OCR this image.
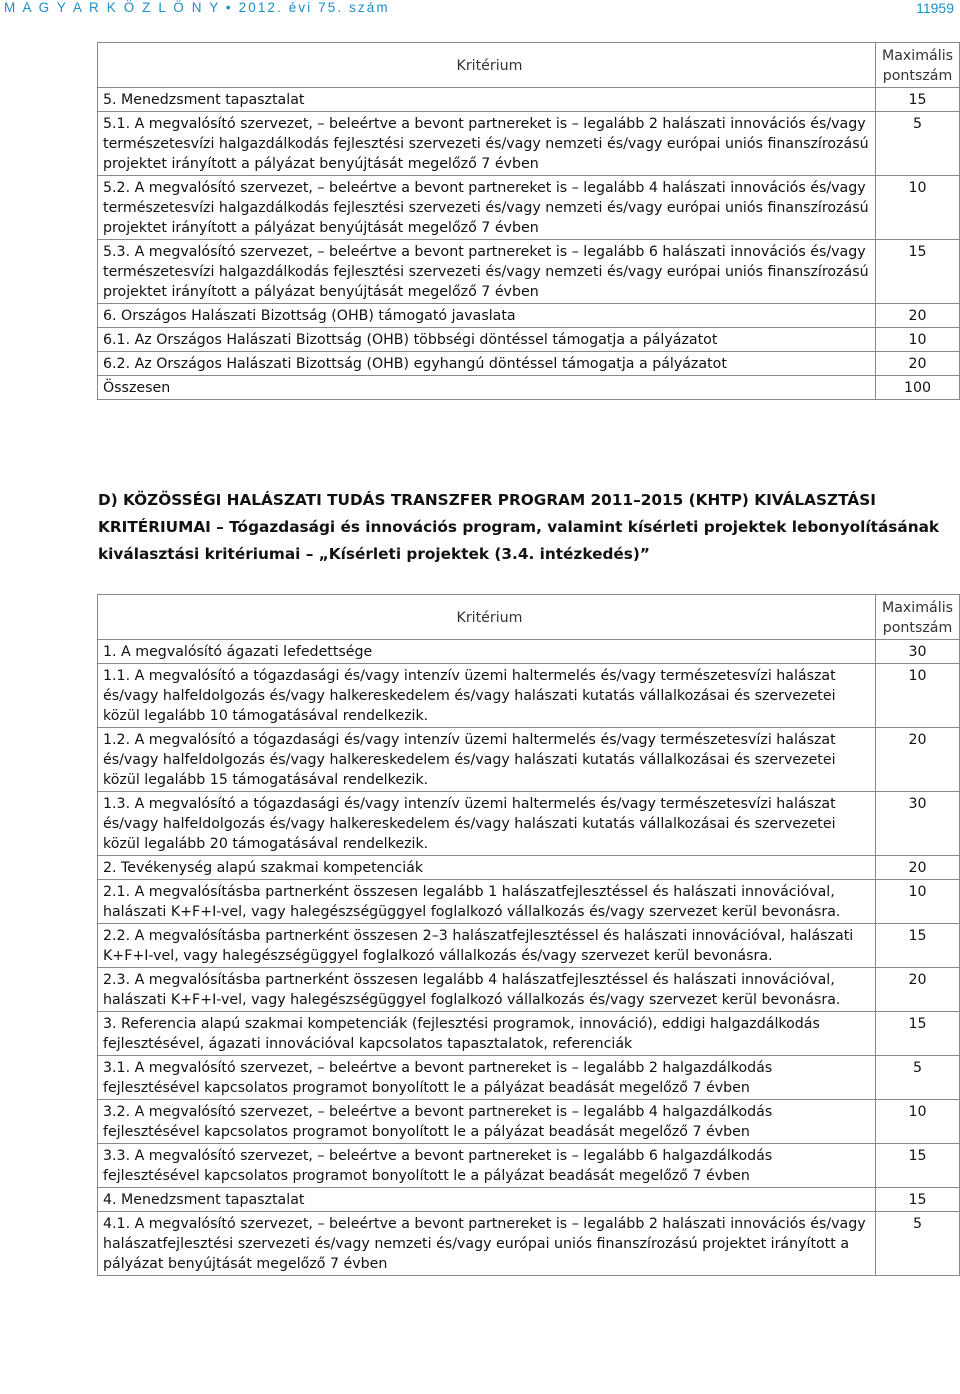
M A G Y A R K Ö Z L Ö N Y • 2012. évi 75. szám	11959
Kritérium	Maximális pontszám
5. Menedzsment tapasztalat	15
5.1. A megvalósító szervezet, – beleértve a bevont partnereket is – legalább 2 halászati innovációs és/vagy természetesvízi halgazdálkodás fejlesztési szervezeti és/vagy nemzeti és/vagy európai uniós finanszírozású projektet irányított a pályázat benyújtását megelőző 7 évben	5
5.2. A megvalósító szervezet, – beleértve a bevont partnereket is – legalább 4 halászati innovációs és/vagy természetesvízi halgazdálkodás fejlesztési szervezeti és/vagy nemzeti és/vagy európai uniós finanszírozású projektet irányított a pályázat benyújtását megelőző 7 évben	10
5.3. A megvalósító szervezet, – beleértve a bevont partnereket is – legalább 6 halászati innovációs és/vagy természetesvízi halgazdálkodás fejlesztési szervezeti és/vagy nemzeti és/vagy európai uniós finanszírozású projektet irányított a pályázat benyújtását megelőző 7 évben	15
6. Országos Halászati Bizottság (OHB) támogató javaslata	20
6.1. Az Országos Halászati Bizottság (OHB) többségi döntéssel támogatja a pályázatot	10
6.2. Az Országos Halászati Bizottság (OHB) egyhangú döntéssel támogatja a pályázatot	20
Összesen	100
D) KÖZÖSSÉGI HALÁSZATI TUDÁS TRANSZFER PROGRAM 2011–2015 (KHTP) KIVÁLASZTÁSI KRITÉRIUMAI – Tógazdasági és innovációs program, valamint kísérleti projektek lebonyolításának kiválasztási kritériumai – „Kísérleti projektek (3.4. intézkedés)”
Kritérium	Maximális pontszám
1. A megvalósító ágazati lefedettsége	30
1.1. A megvalósító a tógazdasági és/vagy intenzív üzemi haltermelés és/vagy természetesvízi halászat és/vagy halfeldolgozás és/vagy halkereskedelem és/vagy halászati kutatás vállalkozásai és szervezetei közül legalább 10 támogatásával rendelkezik.	10
1.2. A megvalósító a tógazdasági és/vagy intenzív üzemi haltermelés és/vagy természetesvízi halászat és/vagy halfeldolgozás és/vagy halkereskedelem és/vagy halászati kutatás vállalkozásai és szervezetei közül legalább 15 támogatásával rendelkezik.	20
1.3. A megvalósító a tógazdasági és/vagy intenzív üzemi haltermelés és/vagy természetesvízi halászat és/vagy halfeldolgozás és/vagy halkereskedelem és/vagy halászati kutatás vállalkozásai és szervezetei közül legalább 20 támogatásával rendelkezik.	30
2. Tevékenység alapú szakmai kompetenciák	20
2.1. A megvalósításba partnerként összesen legalább 1 halászatfejlesztéssel és halászati innovációval, halászati K+F+I-vel, vagy halegészségüggyel foglalkozó vállalkozás és/vagy szervezet kerül bevonásra.	10
2.2. A megvalósításba partnerként összesen 2–3 halászatfejlesztéssel és halászati innovációval, halászati K+F+I-vel, vagy halegészségüggyel foglalkozó vállalkozás és/vagy szervezet kerül bevonásra.	15
2.3. A megvalósításba partnerként összesen legalább 4 halászatfejlesztéssel és halászati innovációval, halászati K+F+I-vel, vagy halegészségüggyel foglalkozó vállalkozás és/vagy szervezet kerül bevonásra.	20
3. Referencia alapú szakmai kompetenciák (fejlesztési programok, innováció), eddigi halgazdálkodás fejlesztésével, ágazati innovációval kapcsolatos tapasztalatok, referenciák	15
3.1. A megvalósító szervezet, – beleértve a bevont partnereket is – legalább 2 halgazdálkodás fejlesztésével kapcsolatos programot bonyolított le a pályázat beadását megelőző 7 évben	5
3.2. A megvalósító szervezet, – beleértve a bevont partnereket is – legalább 4 halgazdálkodás fejlesztésével kapcsolatos programot bonyolított le a pályázat beadását megelőző 7 évben	10
3.3. A megvalósító szervezet, – beleértve a bevont partnereket is – legalább 6 halgazdálkodás fejlesztésével kapcsolatos programot bonyolított le a pályázat beadását megelőző 7 évben	15
4. Menedzsment tapasztalat	15
4.1. A megvalósító szervezet, – beleértve a bevont partnereket is – legalább 2 halászati innovációs és/vagy halászatfejlesztési szervezeti és/vagy nemzeti és/vagy európai uniós finanszírozású projektet irányított a pályázat benyújtását megelőző 7 évben	5
